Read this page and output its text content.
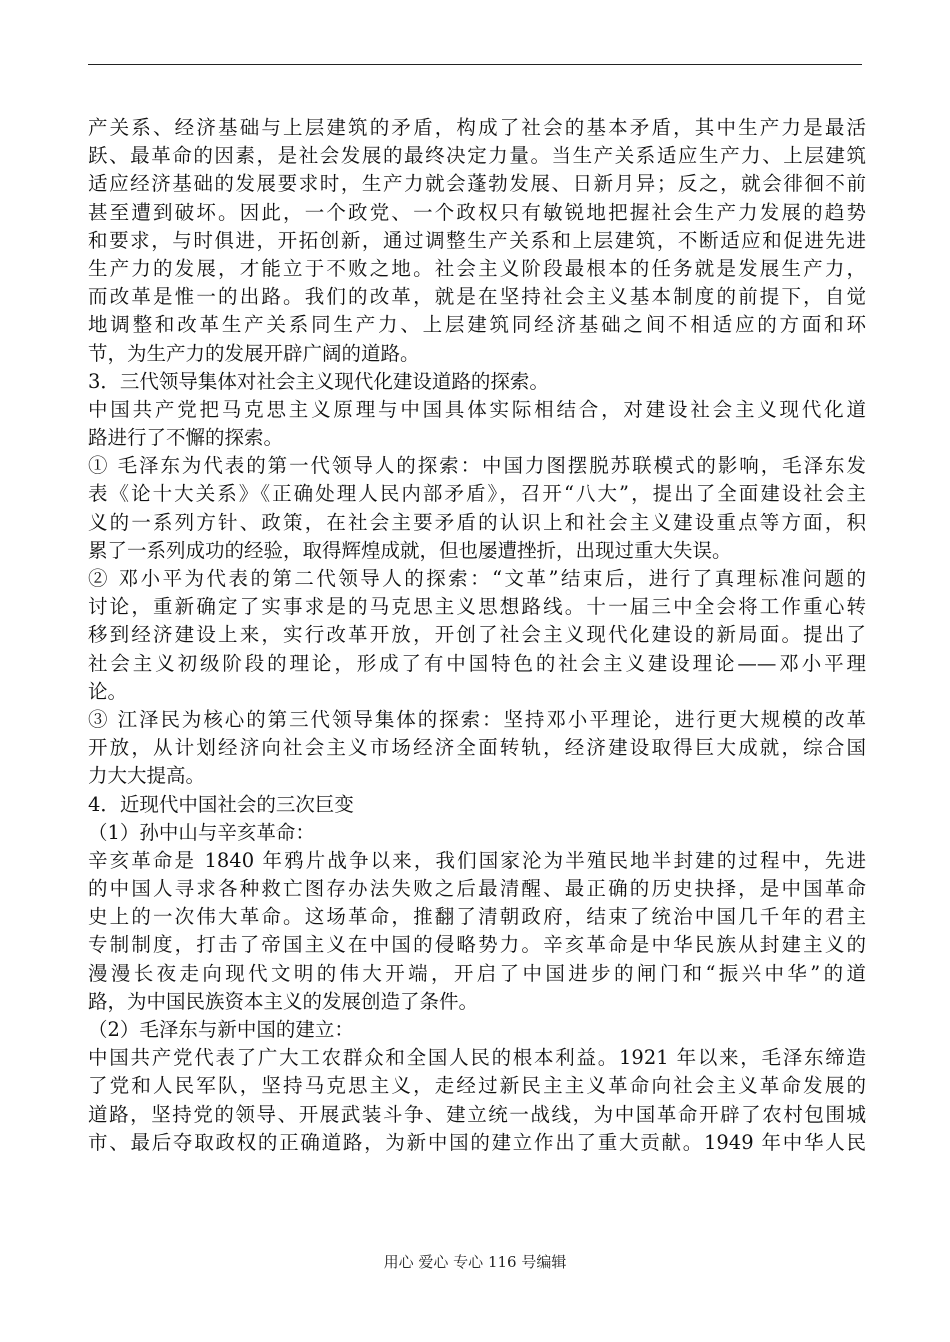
产关系、经济基础与上层建筑的矛盾，构成了社会的基本矛盾，其中生产力是最活
跃、最革命的因素，是社会发展的最终决定力量。当生产关系适应生产力、上层建筑
适应经济基础的发展要求时，生产力就会蓬勃发展、日新月异；反之，就会徘徊不前
甚至遭到破坏。因此，一个政党、一个政权只有敏锐地把握社会生产力发展的趋势
和要求，与时俱进，开拓创新，通过调整生产关系和上层建筑，不断适应和促进先进
生产力的发展，才能立于不败之地。社会主义阶段最根本的任务就是发展生产力，
而改革是惟一的出路。我们的改革，就是在坚持社会主义基本制度的前提下，自觉
地调整和改革生产关系同生产力、上层建筑同经济基础之间不相适应的方面和环
节，为生产力的发展开辟广阔的道路。
3．三代领导集体对社会主义现代化建设道路的探索。
中国共产党把马克思主义原理与中国具体实际相结合，对建设社会主义现代化道
路进行了不懈的探索。
① 毛泽东为代表的第一代领导人的探索：中国力图摆脱苏联模式的影响，毛泽东发
表《论十大关系》《正确处理人民内部矛盾》，召开“八大”，提出了全面建设社会主
义的一系列方针、政策，在社会主要矛盾的认识上和社会主义建设重点等方面，积
累了一系列成功的经验，取得辉煌成就，但也屡遭挫折，出现过重大失误。
② 邓小平为代表的第二代领导人的探索：“文革”结束后，进行了真理标准问题的
讨论，重新确定了实事求是的马克思主义思想路线。十一届三中全会将工作重心转
移到经济建设上来，实行改革开放，开创了社会主义现代化建设的新局面。提出了
社会主义初级阶段的理论，形成了有中国特色的社会主义建设理论——邓小平理
论。
③ 江泽民为核心的第三代领导集体的探索：坚持邓小平理论，进行更大规模的改革
开放，从计划经济向社会主义市场经济全面转轨，经济建设取得巨大成就，综合国
力大大提高。
4．近现代中国社会的三次巨变
（1）孙中山与辛亥革命：
辛亥革命是 1840 年鸦片战争以来，我们国家沦为半殖民地半封建的过程中，先进
的中国人寻求各种救亡图存办法失败之后最清醒、最正确的历史抉择，是中国革命
史上的一次伟大革命。这场革命，推翻了清朝政府，结束了统治中国几千年的君主
专制制度，打击了帝国主义在中国的侵略势力。辛亥革命是中华民族从封建主义的
漫漫长夜走向现代文明的伟大开端，开启了中国进步的闸门和“振兴中华”的道
路，为中国民族资本主义的发展创造了条件。
（2）毛泽东与新中国的建立：
中国共产党代表了广大工农群众和全国人民的根本利益。1921 年以来，毛泽东缔造
了党和人民军队，坚持马克思主义，走经过新民主主义革命向社会主义革命发展的
道路，坚持党的领导、开展武装斗争、建立统一战线，为中国革命开辟了农村包围城
市、最后夺取政权的正确道路，为新中国的建立作出了重大贡献。1949 年中华人民
用心 爱心 专心 116 号编辑
